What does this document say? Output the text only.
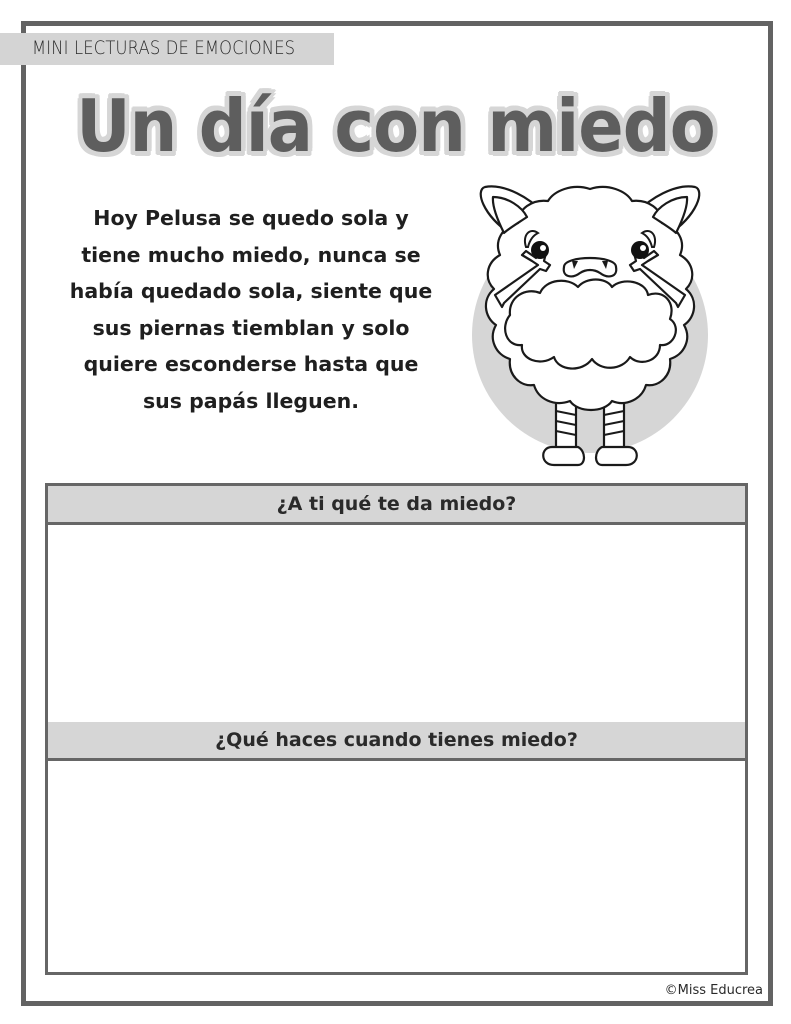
MINI LECTURAS DE EMOCIONES
Un día con miedo

Hoy Pelusa se quedo sola y

tiene mucho miedo, nunca se

había quedado sola, siente que

sus piernas tiemblan y solo

quiere esconderse hasta que

sus papás lleguen.

¿A ti qué te da miedo?
¿Qué haces cuando tienes miedo?
©Miss Educrea
